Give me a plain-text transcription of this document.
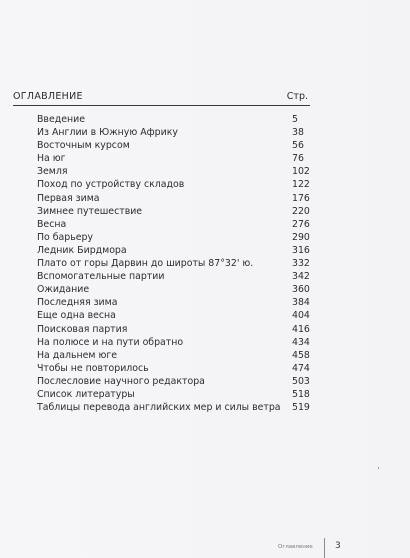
ОГЛАВЛЕНИЕ	Стр.
Введение	5
Из Англии в Южную Африку	38
Восточным курсом	56
На юг	76
Земля	102
Поход по устройству складов	122
Первая зима	176
Зимнее путешествие	220
Весна	276
По барьеру	290
Ледник Бирдмора	316
Плато от горы Дарвин до широты 87°32' ю.	332
Вспомогательные партии	342
Ожидание	360
Последняя зима	384
Еще одна весна	404
Поисковая партия	416
На полюсе и на пути обратно	434
На дальнем юге	458
Чтобы не повторилось	474
Послесловие научного редактора	503
Список литературы	518
Таблицы перевода английских мер и силы ветра 519
Оглавление 3
